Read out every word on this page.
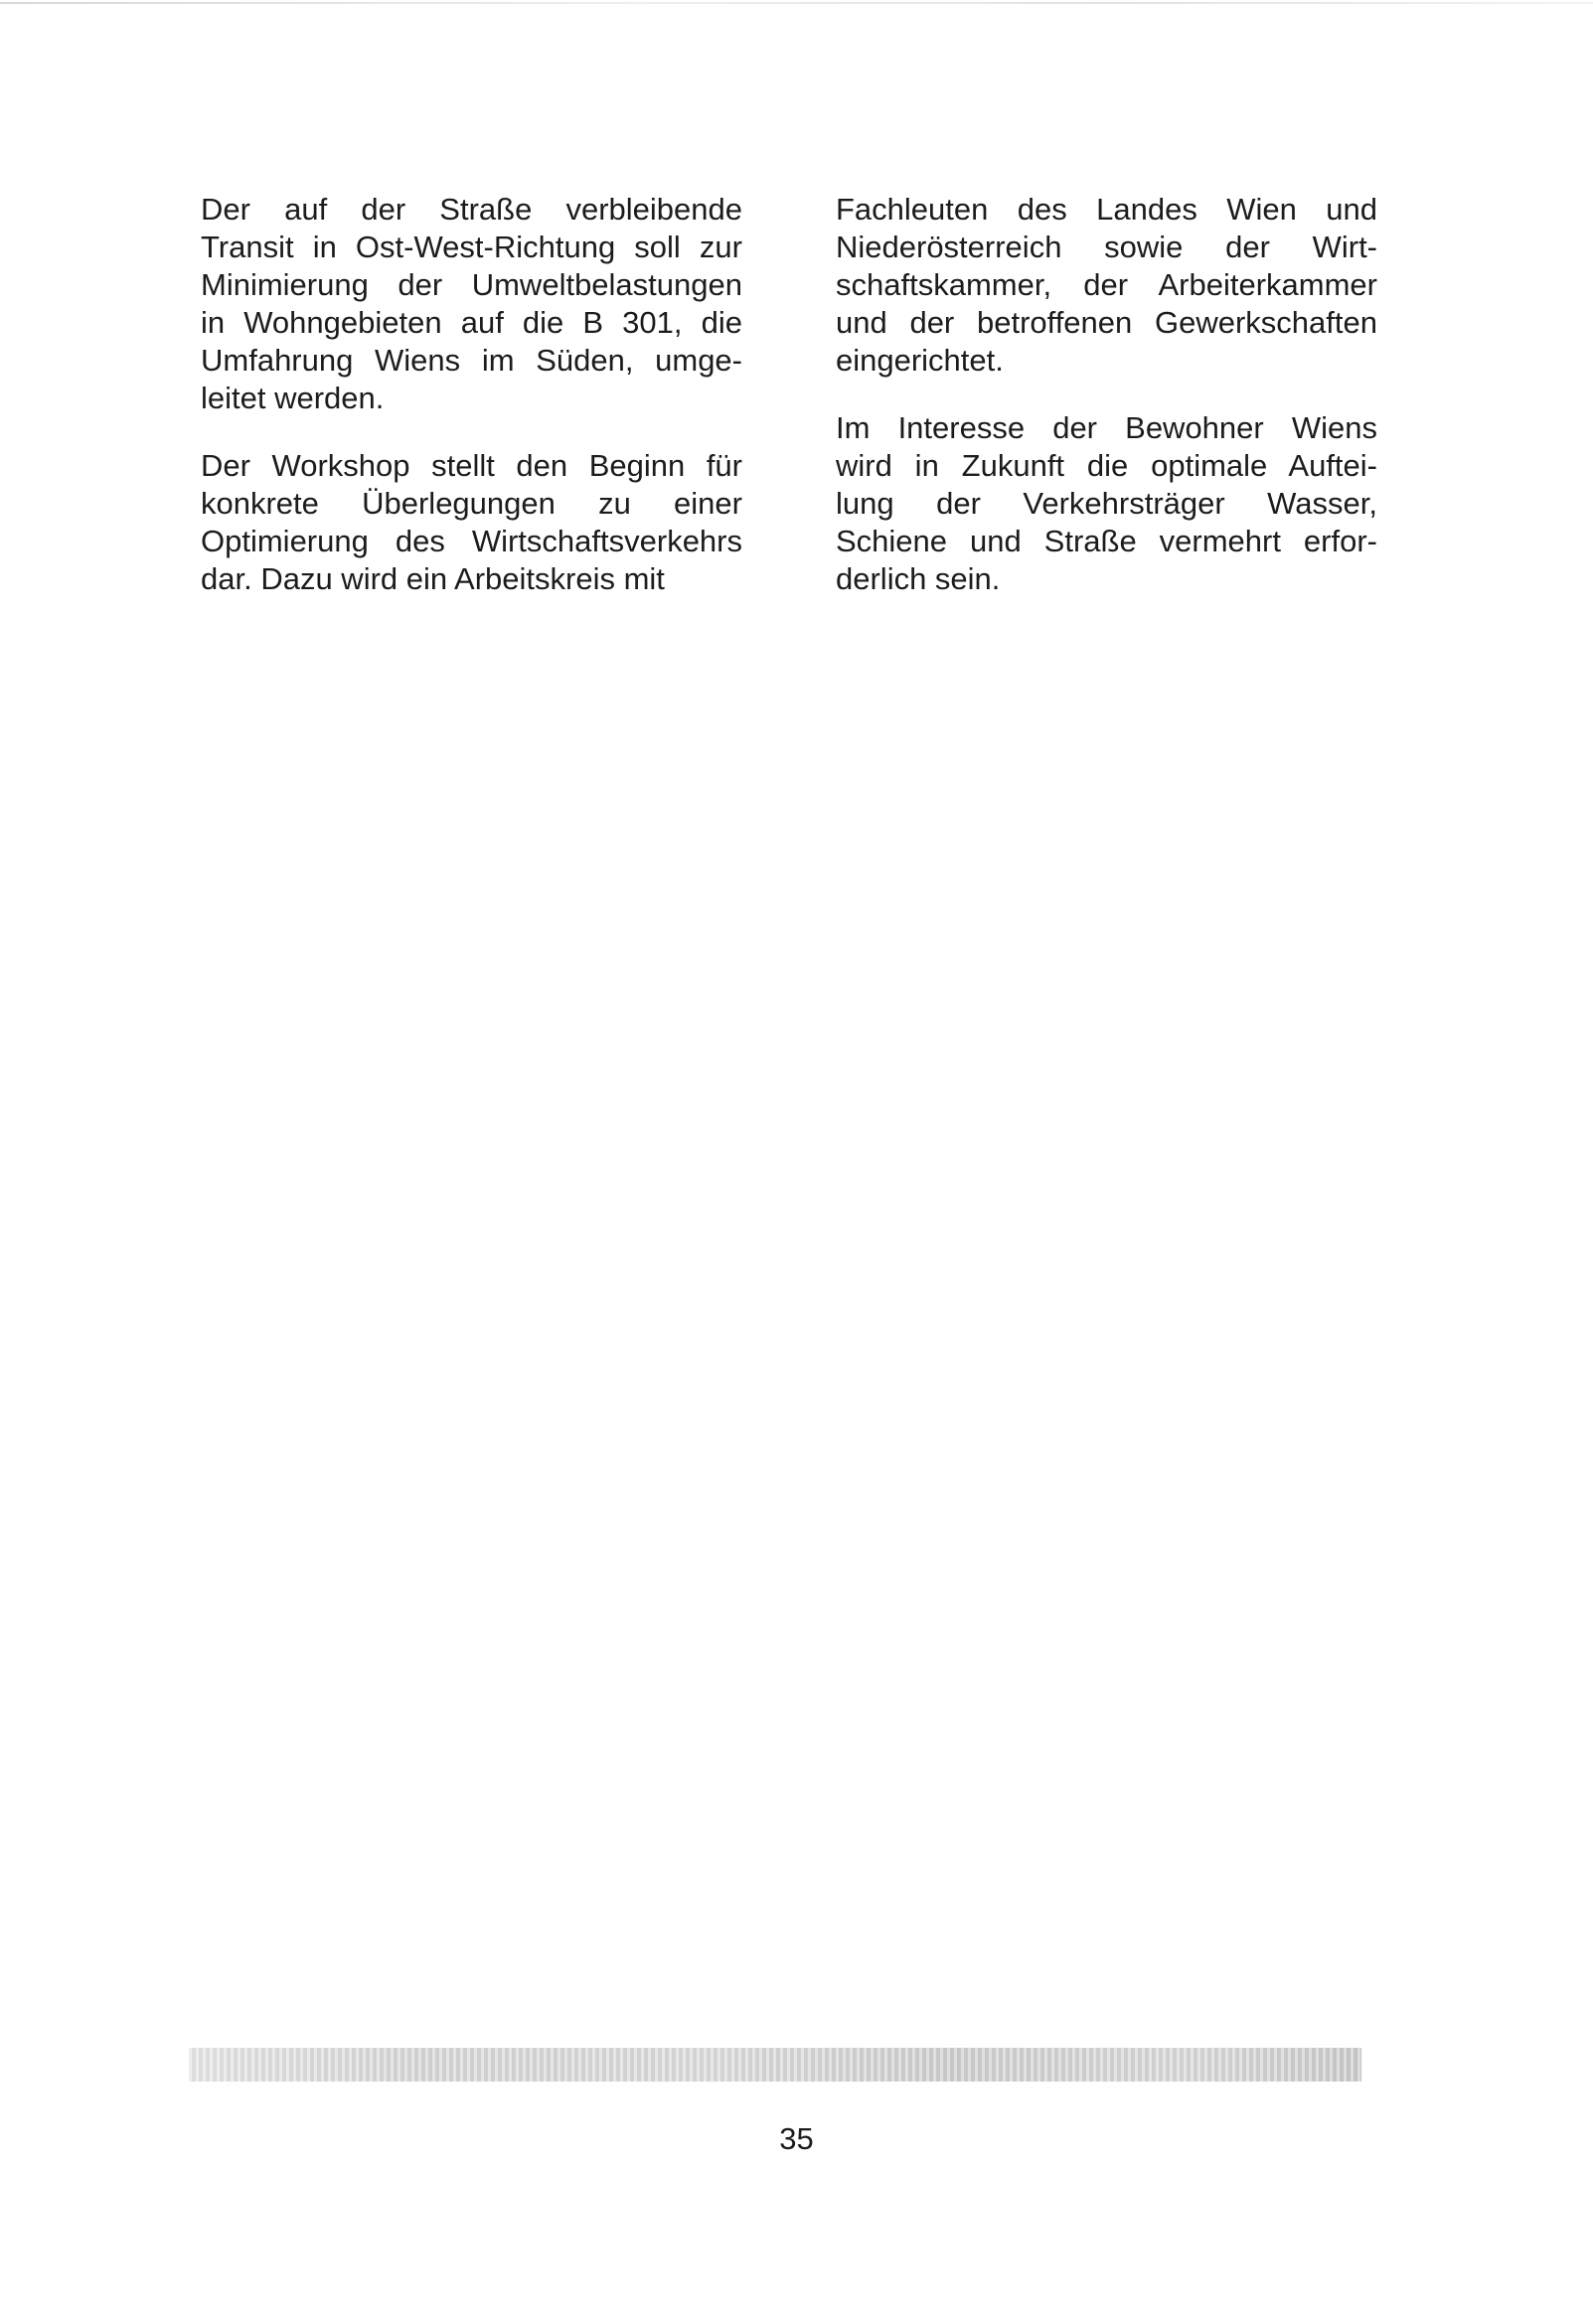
Der auf der Straße verbleibende
Transit in Ost-West-Richtung soll zur
Minimierung der Umweltbelastungen
in Wohngebieten auf die B 301, die
Umfahrung Wiens im Süden, umge-
leitet werden.

Der Workshop stellt den Beginn für
konkrete Überlegungen zu einer
Optimierung des Wirtschaftsverkehrs
dar. Dazu wird ein Arbeitskreis mit

Fachleuten des Landes Wien und
Niederösterreich sowie der Wirt-
schaftskammer, der Arbeiterkammer
und der betroffenen Gewerkschaften
eingerichtet.

Im Interesse der Bewohner Wiens
wird in Zukunft die optimale Auftei-
lung der Verkehrsträger Wasser,
Schiene und Straße vermehrt erfor-
derlich sein.

35
